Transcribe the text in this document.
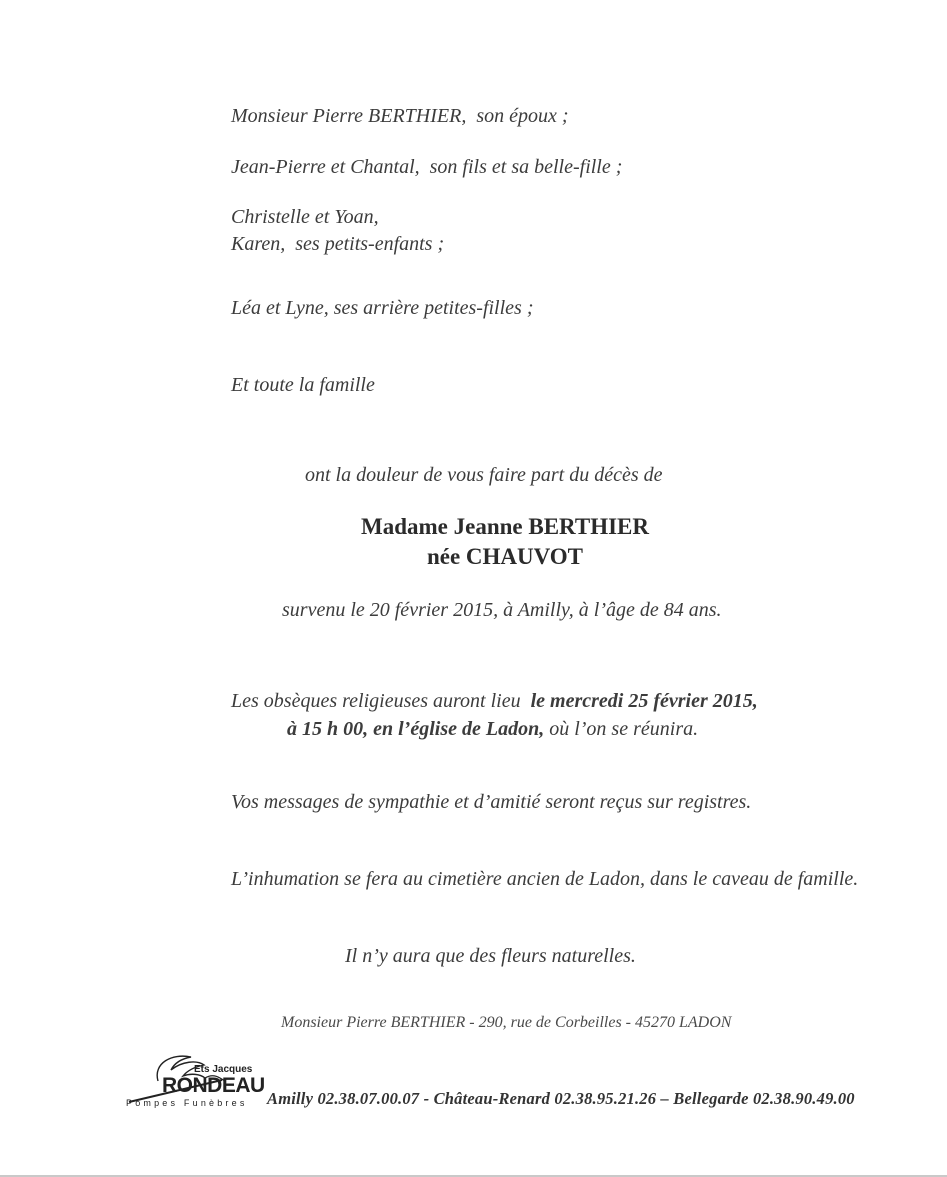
Monsieur Pierre BERTHIER,  son époux ;

Jean-Pierre et Chantal,  son fils et sa belle-fille ;

Christelle et Yoan,

Karen,  ses petits-enfants ;

Léa et Lyne, ses arrière petites-filles ;

Et toute la famille

ont la douleur de vous faire part du décès de

Madame Jeanne BERTHIER

née CHAUVOT

survenu le 20 février 2015, à Amilly, à l’âge de 84 ans.

Les obsèques religieuses auront lieu  le mercredi 25 février 2015,

à 15 h 00, en l’église de Ladon, où l’on se réunira.

Vos messages de sympathie et d’amitié seront reçus sur registres.

L’inhumation se fera au cimetière ancien de Ladon, dans le caveau de famille.

Il n’y aura que des fleurs naturelles.

Monsieur Pierre BERTHIER - 290, rue de Corbeilles - 45270 LADON

Ets Jacques
RONDEAU
Pompes Funèbres Amilly 02.38.07.00.07 - Château-Renard 02.38.95.21.26 – Bellegarde 02.38.90.49.00
